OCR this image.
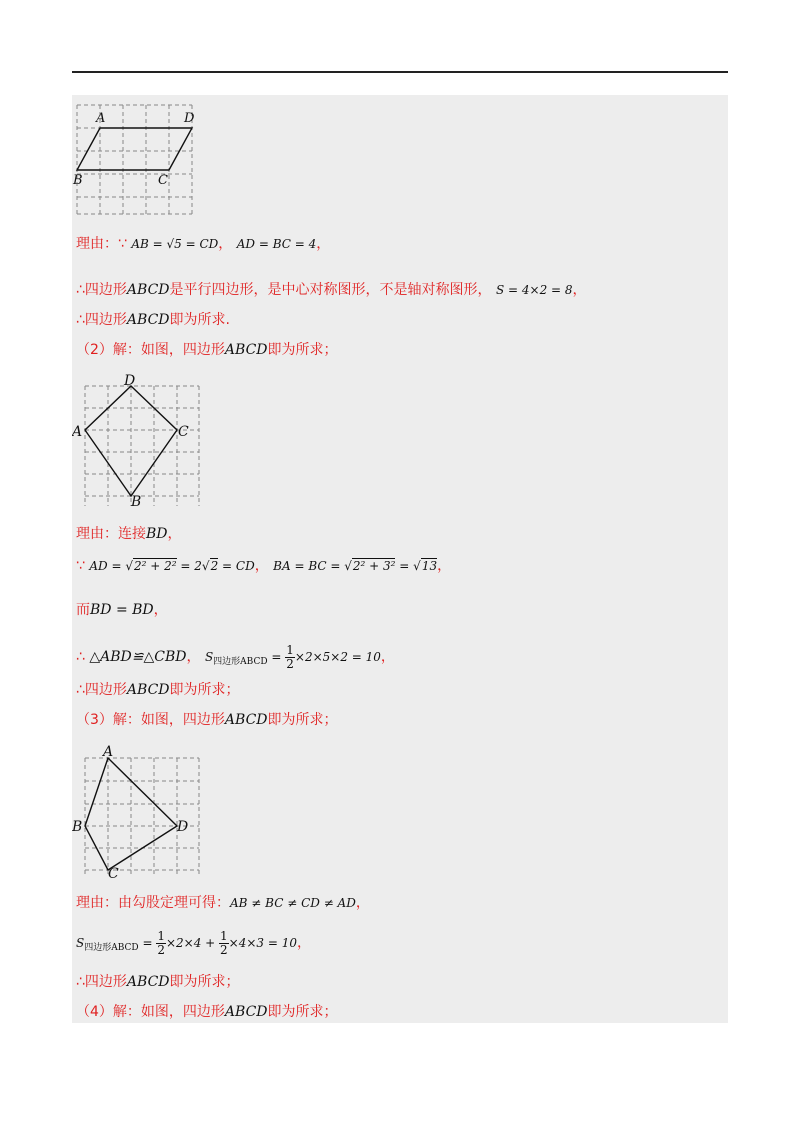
A	D
B	C
理由：∵ AB = √5 = CD， AD = BC = 4，
∴四边形ABCD是平行四边形，是中心对称图形，不是轴对称图形， S = 4×2 = 8，
∴四边形ABCD即为所求.
（2）解：如图，四边形ABCD即为所求；
D
A	C
B
理由：连接BD，
∵ AD = √2² + 2² = 2√2 = CD， BA = BC = √2² + 3² = √13，
而BD = BD，
∴ △ABD≌△CBD， $S_{四边形ABCD} = \frac{1}{2} \times 2\times 5\times 2 = 10$，
∴四边形ABCD即为所求；
（3）解：如图，四边形ABCD即为所求；
A
B	D
C
理由：由勾股定理可得：AB ≠ BC ≠ CD ≠ AD，
$S_{四边形ABCD} = \frac{1}{2} \times 2\times 4 + \frac{1}{2} \times 4\times 3 = 10$，
∴四边形ABCD即为所求；
（4）解：如图，四边形ABCD即为所求；
